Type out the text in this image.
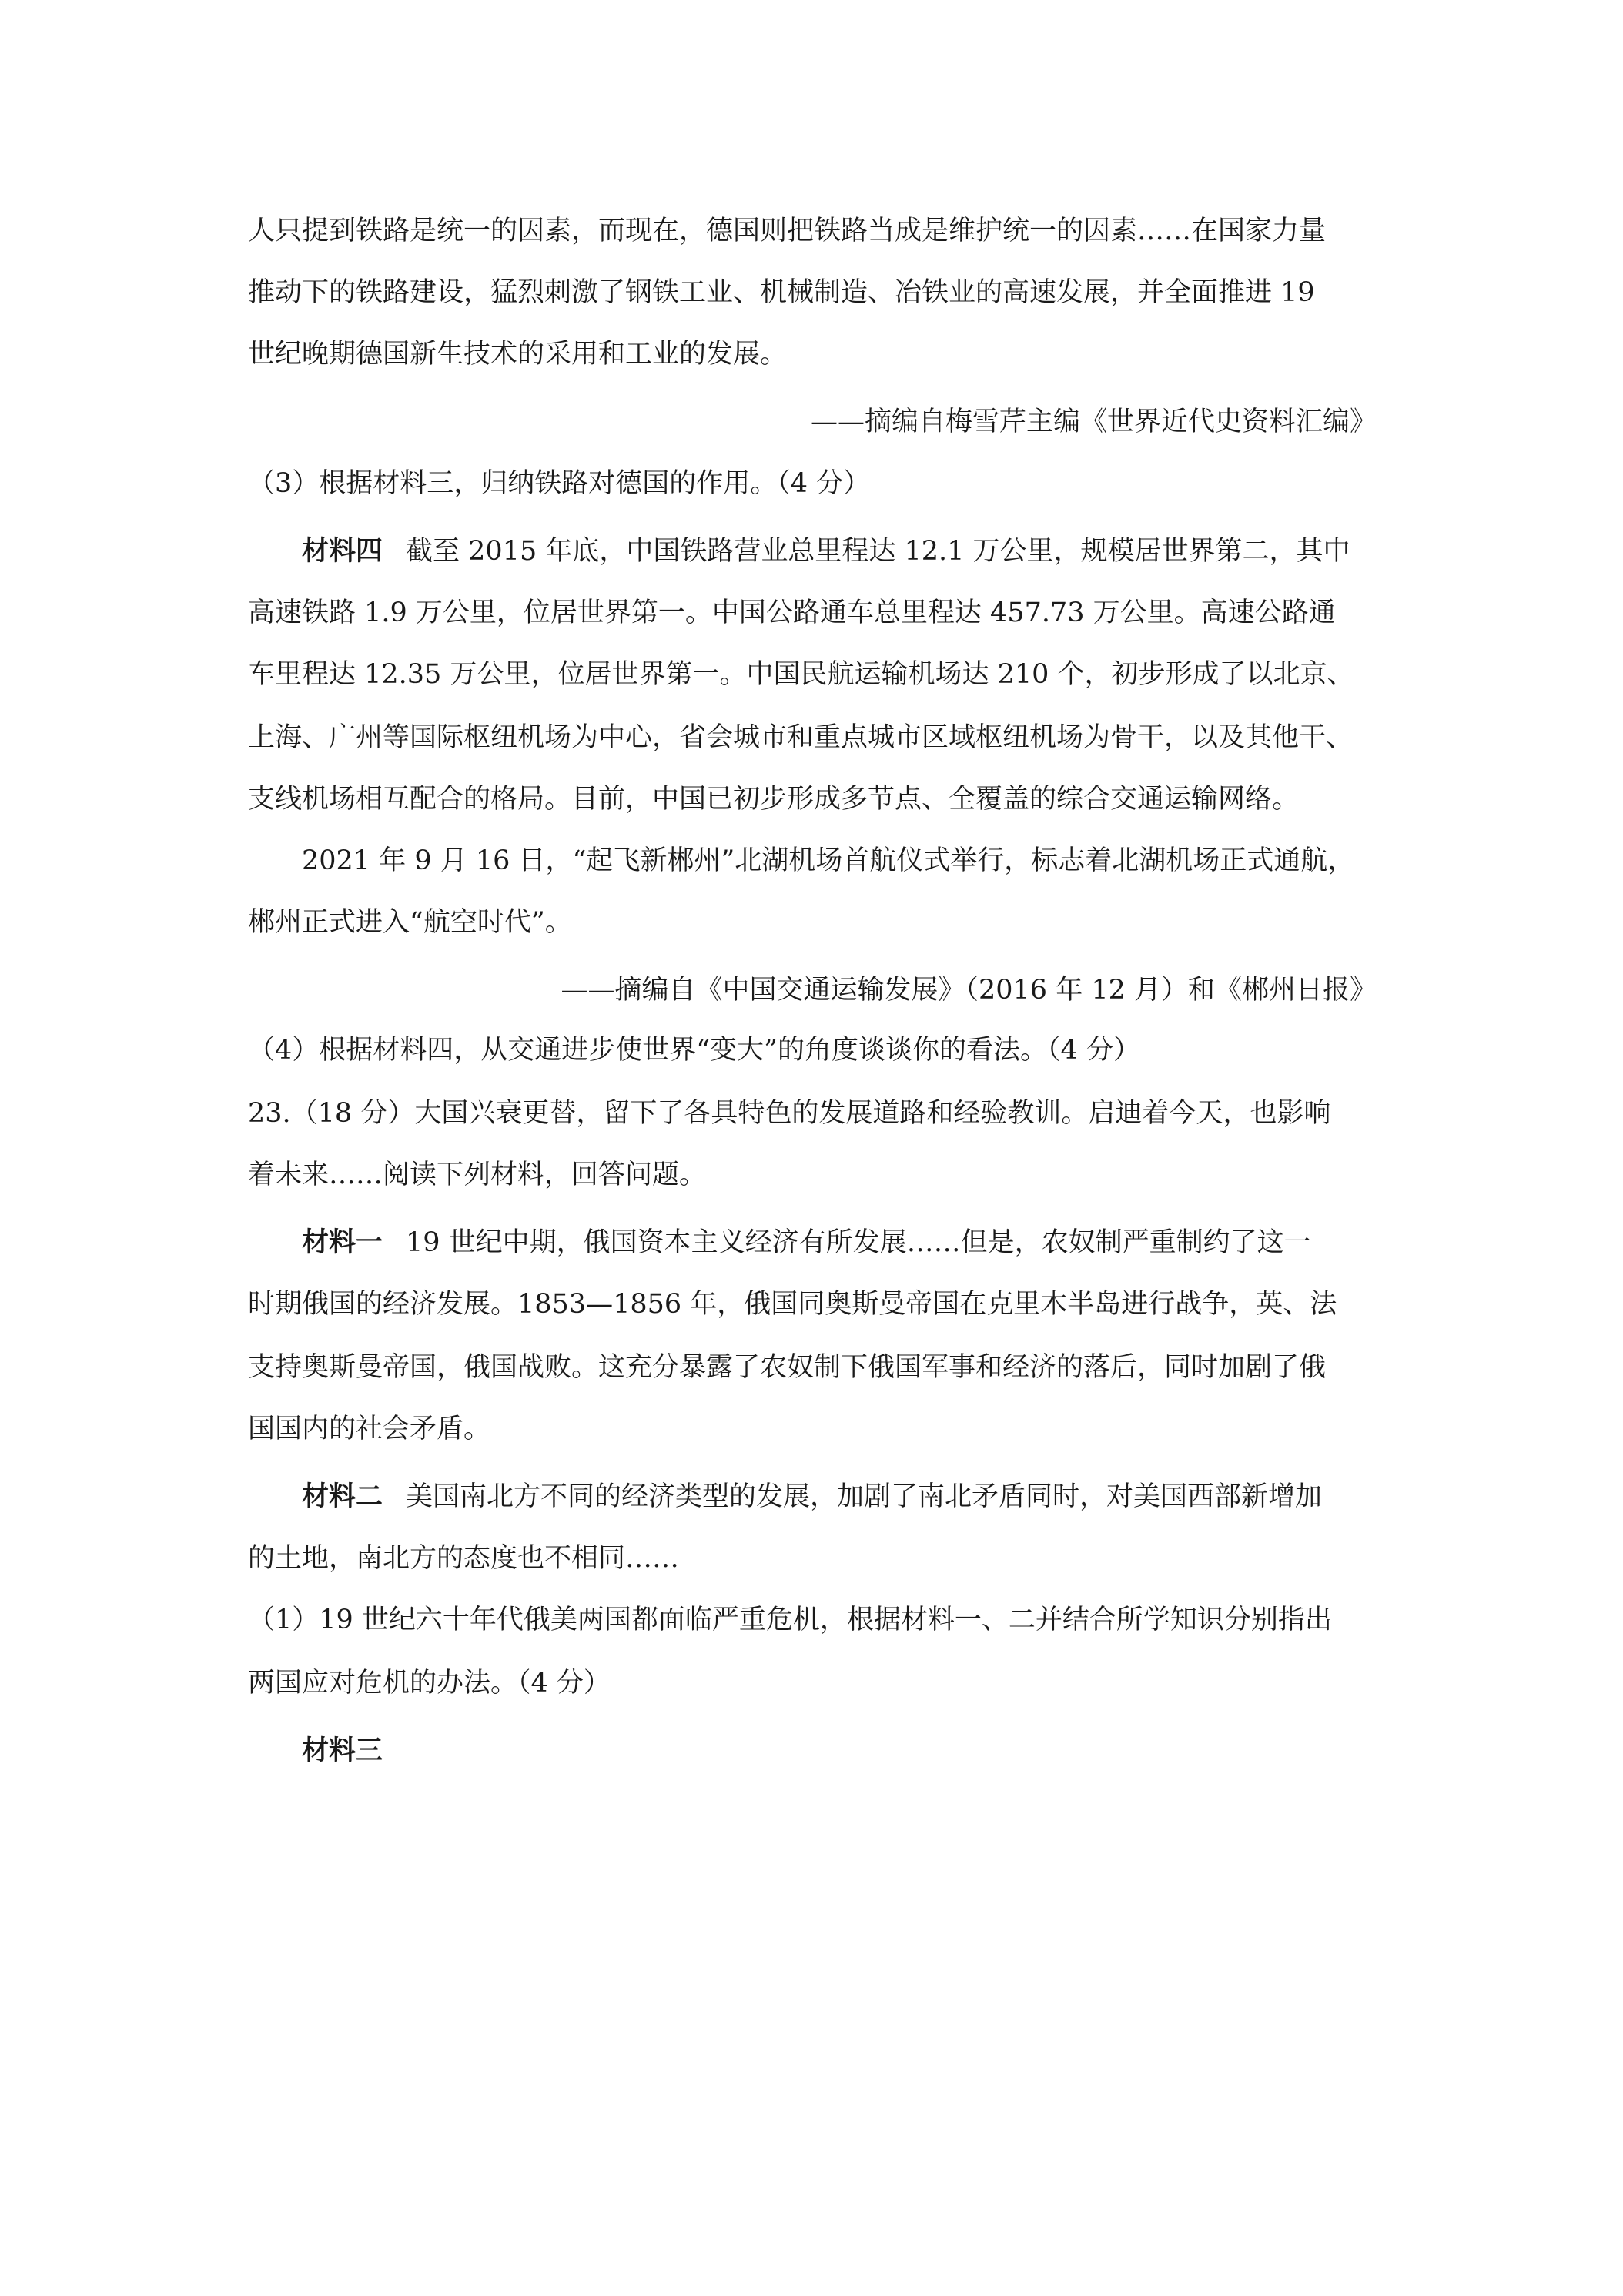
人只提到铁路是统一的因素，而现在，德国则把铁路当成是维护统一的因素……在国家力量
推动下的铁路建设，猛烈刺激了钢铁工业、机械制造、冶铁业的高速发展，并全面推进 19
世纪晚期德国新生技术的采用和工业的发展。
——摘编自梅雪芹主编《世界近代史资料汇编》
（3）根据材料三，归纳铁路对德国的作用。（4 分）
材料四 截至 2015 年底，中国铁路营业总里程达 12.1 万公里，规模居世界第二，其中
高速铁路 1.9 万公里，位居世界第一。中国公路通车总里程达 457.73 万公里。高速公路通
车里程达 12.35 万公里，位居世界第一。中国民航运输机场达 210 个，初步形成了以北京、
上海、广州等国际枢纽机场为中心，省会城市和重点城市区域枢纽机场为骨干，以及其他干、
支线机场相互配合的格局。目前，中国已初步形成多节点、全覆盖的综合交通运输网络。
2021 年 9 月 16 日，“起飞新郴州”北湖机场首航仪式举行，标志着北湖机场正式通航，
郴州正式进入“航空时代”。
——摘编自《中国交通运输发展》（2016 年 12 月）和《郴州日报》
（4）根据材料四，从交通进步使世界“变大”的角度谈谈你的看法。（4 分）
23.（18 分）大国兴衰更替，留下了各具特色的发展道路和经验教训。启迪着今天，也影响
着未来……阅读下列材料，回答问题。
材料一 19 世纪中期，俄国资本主义经济有所发展……但是，农奴制严重制约了这一
时期俄国的经济发展。1853—1856 年，俄国同奥斯曼帝国在克里木半岛进行战争，英、法
支持奥斯曼帝国，俄国战败。这充分暴露了农奴制下俄国军事和经济的落后，同时加剧了俄
国国内的社会矛盾。
材料二 美国南北方不同的经济类型的发展，加剧了南北矛盾同时，对美国西部新增加
的土地，南北方的态度也不相同……
（1）19 世纪六十年代俄美两国都面临严重危机，根据材料一、二并结合所学知识分别指出
两国应对危机的办法。（4 分）
材料三
